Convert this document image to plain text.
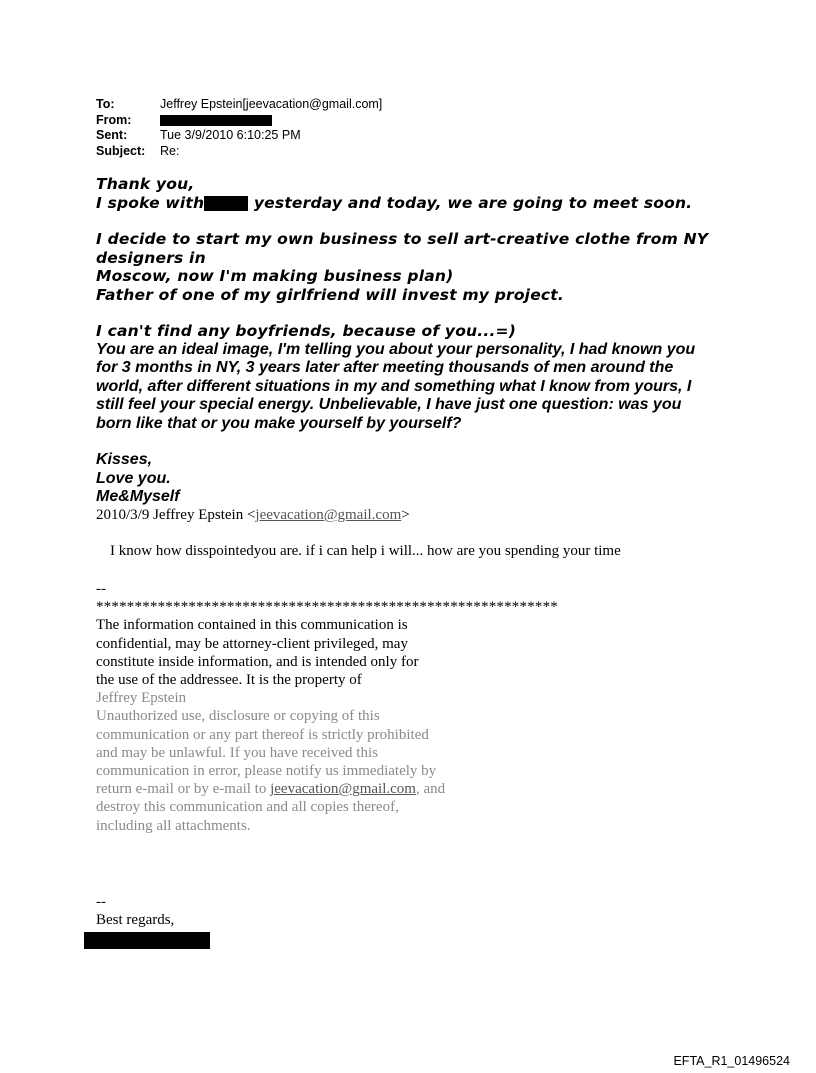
To:	Jeffrey Epstein[jeevacation@gmail.com]
From:
Sent:	Tue 3/9/2010 6:10:25 PM
Subject:	Re:

Thank you,

I spoke with	yesterday and today, we are going to meet soon.

I decide to start my own business to sell art-creative clothe from NY designers in

Moscow, now I'm making business plan)

Father of one of my girlfriend will invest my project.

I can't find any boyfriends, because of you...=)

You are an ideal image, I'm telling you about your personality, I had known you

for 3 months in NY, 3 years later after meeting thousands of men around the

world, after different situations in my and something what I know from yours, I

still feel your special energy. Unbelievable, I have just one question: was you

born like that or you make yourself by yourself?

Kisses,

Love you.

Me&Myself

2010/3/9 Jeffrey Epstein <jeevacation@gmail.com>
I know how disspointedyou are. if i can help i will... how are you spending your time
--
************************************************************
The information contained in this communication is
confidential, may be attorney-client privileged, may
constitute inside information, and is intended only for
the use of the addressee. It is the property of
Jeffrey Epstein
Unauthorized use, disclosure or copying of this
communication or any part thereof is strictly prohibited
and may be unlawful. If you have received this
communication in error, please notify us immediately by
return e-mail or by e-mail to jeevacation@gmail.com, and
destroy this communication and all copies thereof,
including all attachments.
--
Best regards,
EFTA_R1_01496524
